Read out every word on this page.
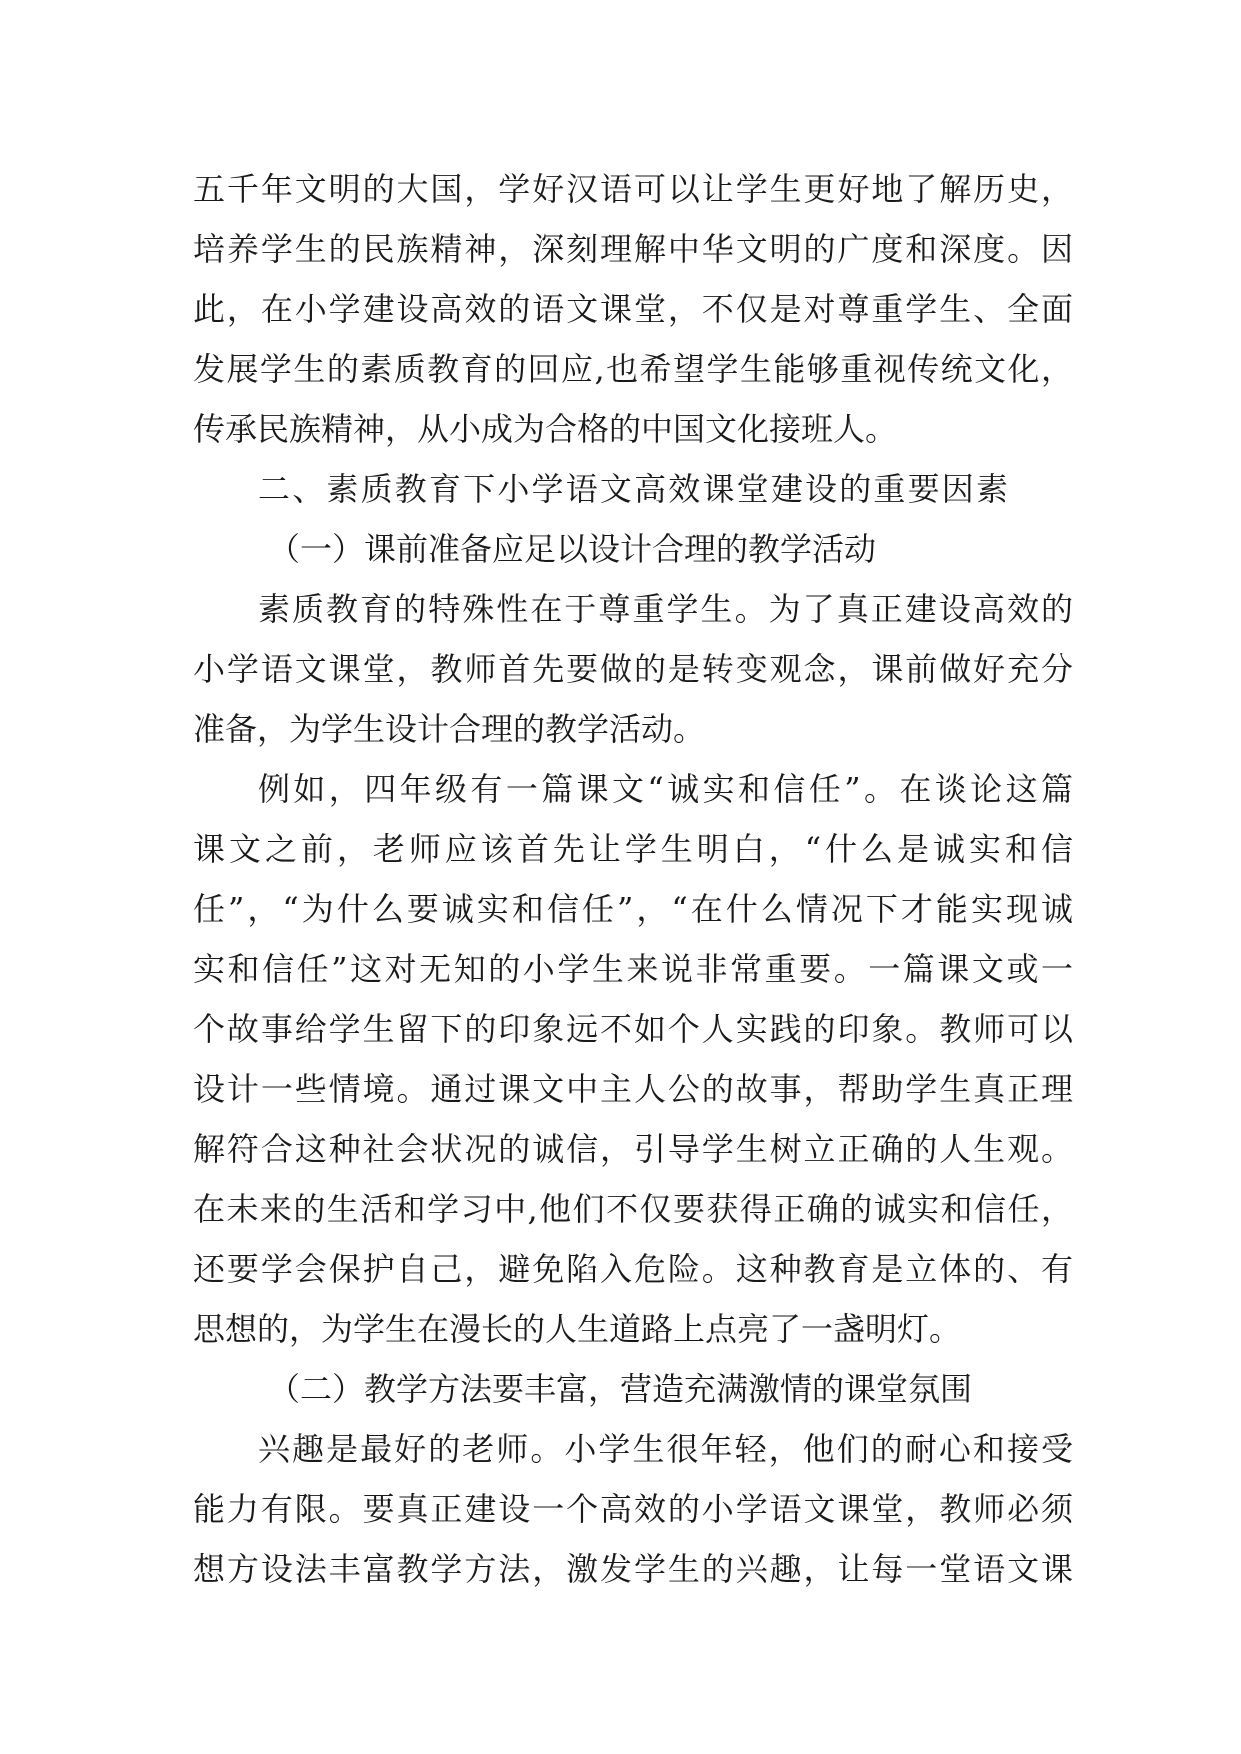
五千年文明的大国，学好汉语可以让学生更好地了解历史，
培养学生的民族精神，深刻理解中华文明的广度和深度。因
此，在小学建设高效的语文课堂，不仅是对尊重学生、全面
发展学生的素质教育的回应,也希望学生能够重视传统文化，
传承民族精神，从小成为合格的中国文化接班人。
二、素质教育下小学语文高效课堂建设的重要因素
（一）课前准备应足以设计合理的教学活动
素质教育的特殊性在于尊重学生。为了真正建设高效的
小学语文课堂，教师首先要做的是转变观念，课前做好充分
准备，为学生设计合理的教学活动。
例如，四年级有一篇课文“诚实和信任”。在谈论这篇
课文之前，老师应该首先让学生明白，“什么是诚实和信
任”，“为什么要诚实和信任”，“在什么情况下才能实现诚
实和信任”这对无知的小学生来说非常重要。一篇课文或一
个故事给学生留下的印象远不如个人实践的印象。教师可以
设计一些情境。通过课文中主人公的故事，帮助学生真正理
解符合这种社会状况的诚信，引导学生树立正确的人生观。
在未来的生活和学习中,他们不仅要获得正确的诚实和信任，
还要学会保护自己，避免陷入危险。这种教育是立体的、有
思想的，为学生在漫长的人生道路上点亮了一盏明灯。
（二）教学方法要丰富，营造充满激情的课堂氛围
兴趣是最好的老师。小学生很年轻，他们的耐心和接受
能力有限。要真正建设一个高效的小学语文课堂，教师必须
想方设法丰富教学方法，激发学生的兴趣，让每一堂语文课
